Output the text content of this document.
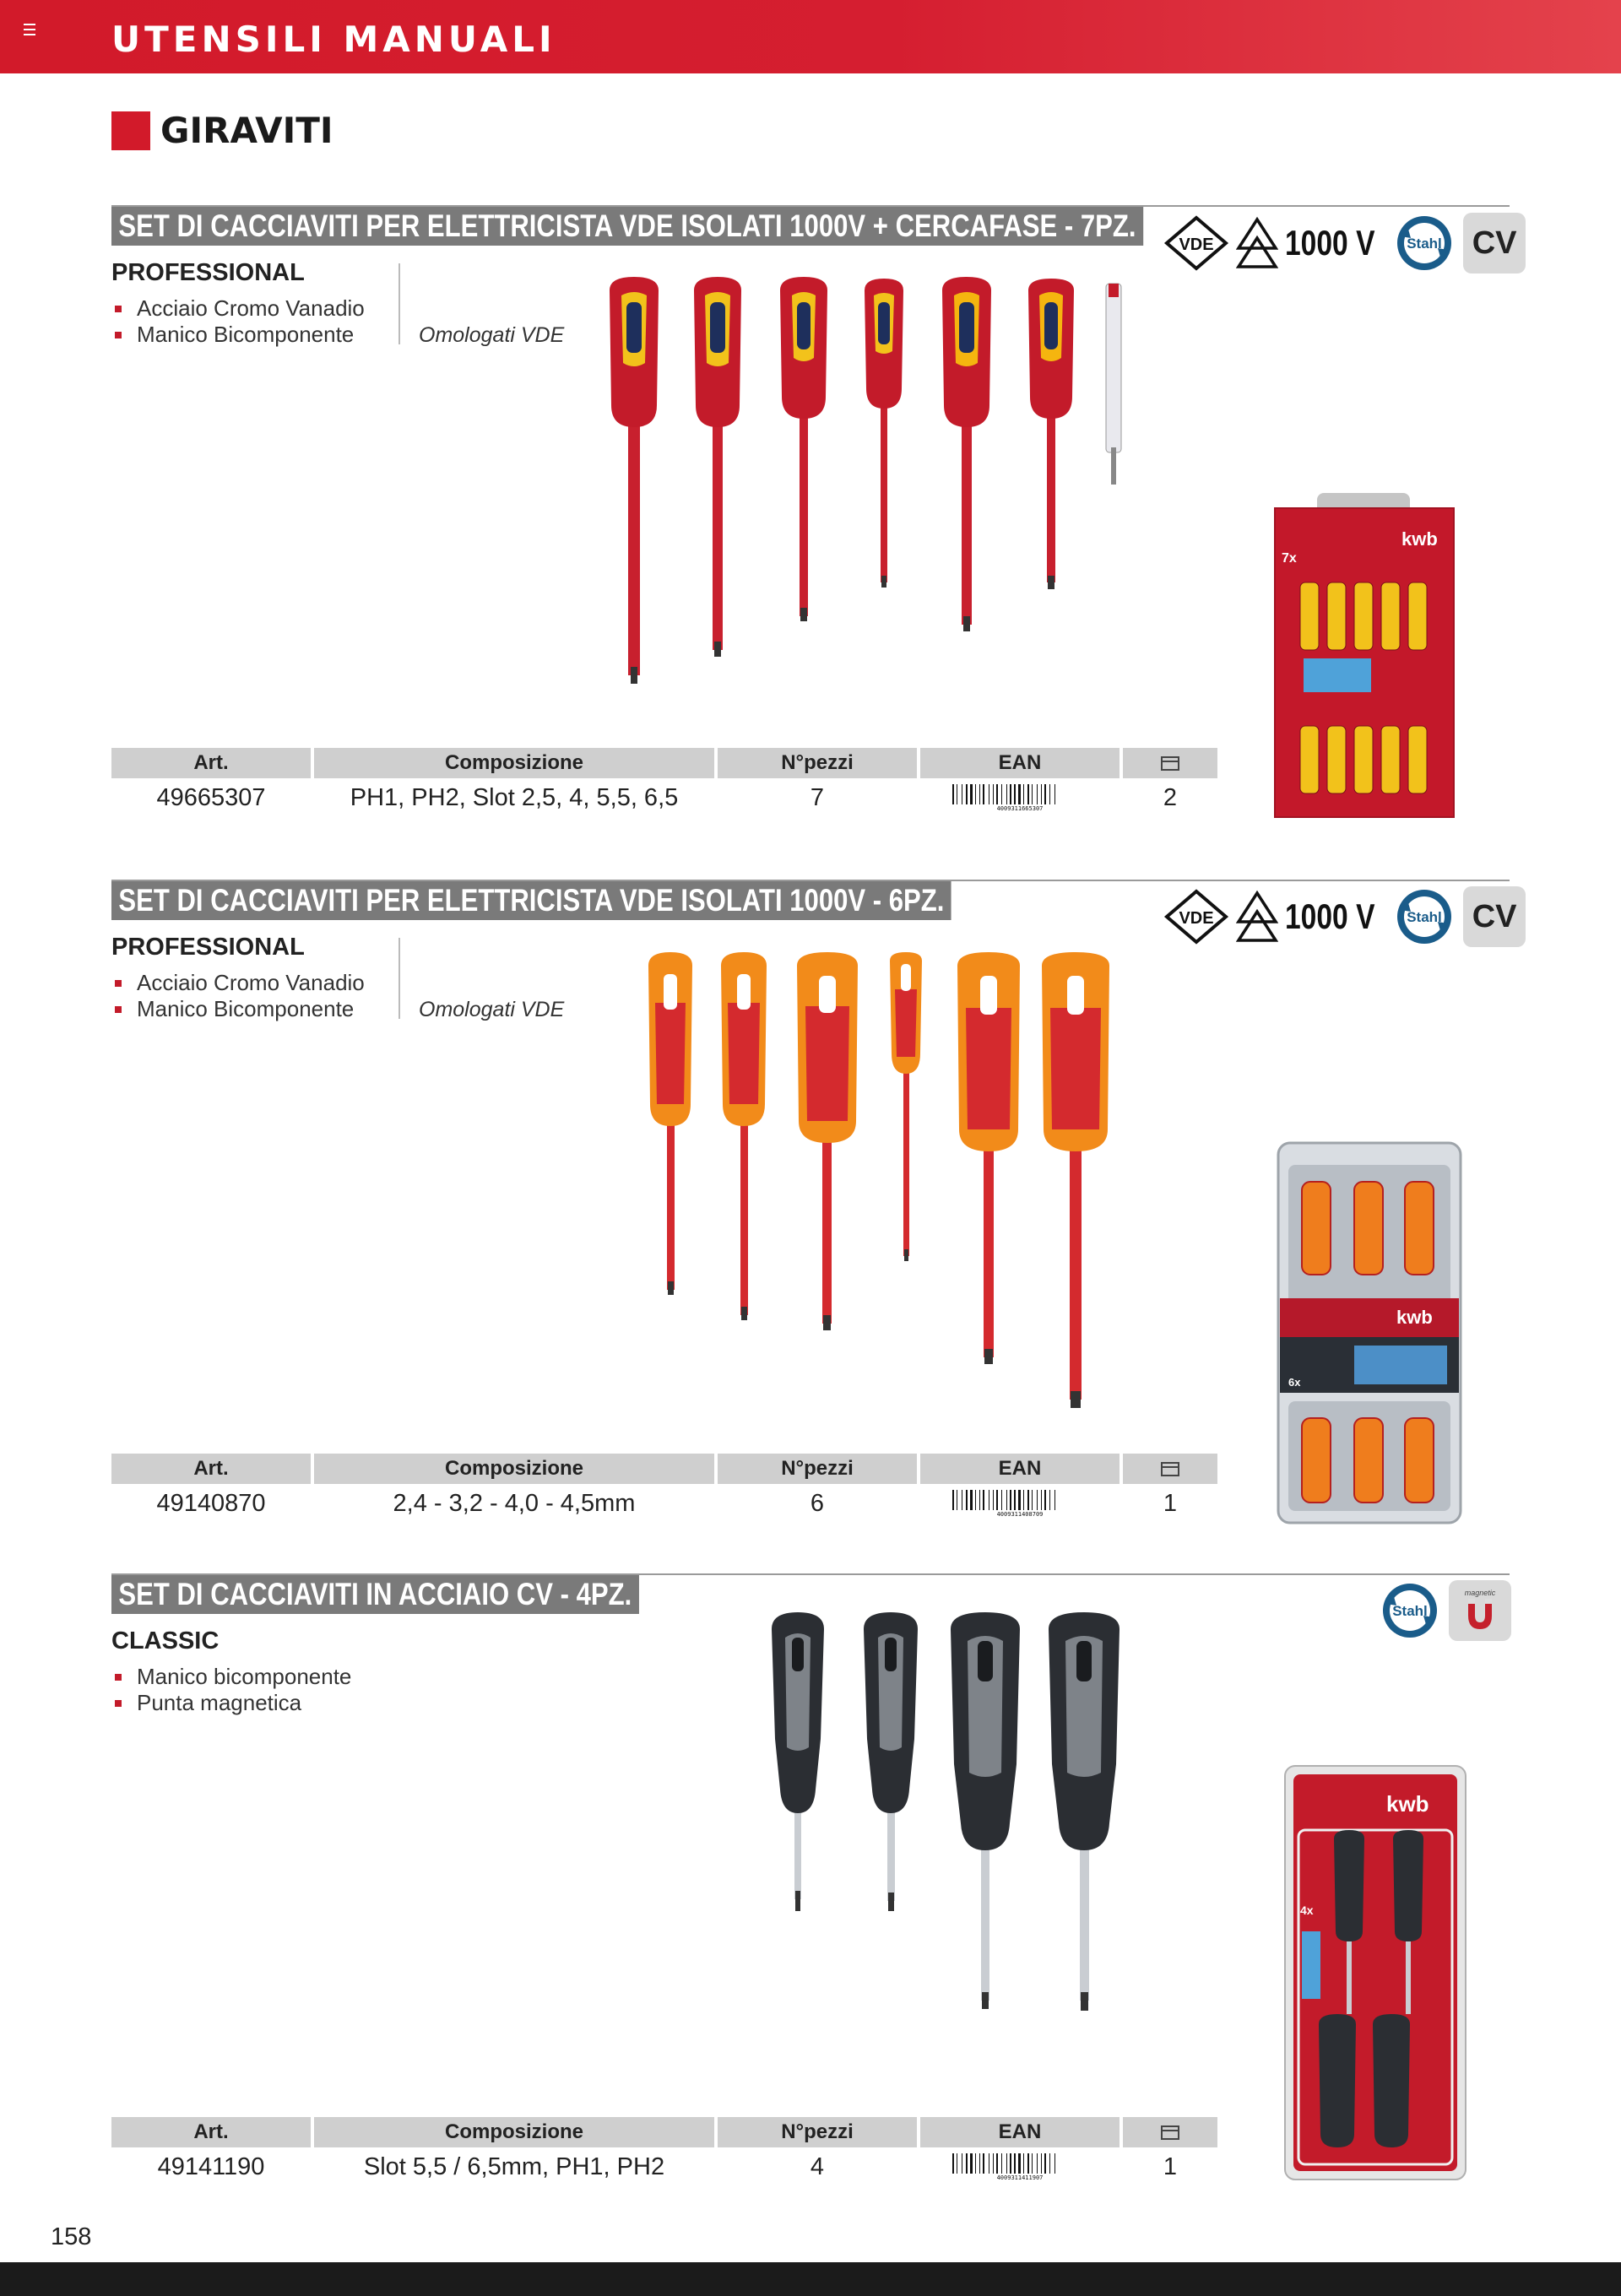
UTENSILI MANUALI
GIRAVITI
SET DI CACCIAVITI PER ELETTRICISTA VDE ISOLATI 1000V + CERCAFASE - 7PZ.
VDE 1000 V Stahl CV
PROFESSIONAL
Acciaio Cromo Vanadio
Manico Bicomponente	Omologati VDE
kwb
7x
Art.	Composizione	N°pezzi	EAN
49665307	PH1, PH2, Slot 2,5, 4, 5,5, 6,5	7	4009311665307	2
SET DI CACCIAVITI PER ELETTRICISTA VDE ISOLATI 1000V - 6PZ.
VDE 1000 V Stahl CV
PROFESSIONAL
Acciaio Cromo Vanadio
Manico Bicomponente	Omologati VDE
kwb
6x
Art.	Composizione	N°pezzi	EAN
49140870	2,4 - 3,2 - 4,0 - 4,5mm	6	4009311408709	1
SET DI CACCIAVITI IN ACCIAIO CV - 4PZ.	Stahl
magnetic
CLASSIC
Manico bicomponente
Punta magnetica
kwb
4x
Art.	Composizione	N°pezzi	EAN
49141190	Slot 5,5 / 6,5mm, PH1, PH2	4	4009311411907	1
158
